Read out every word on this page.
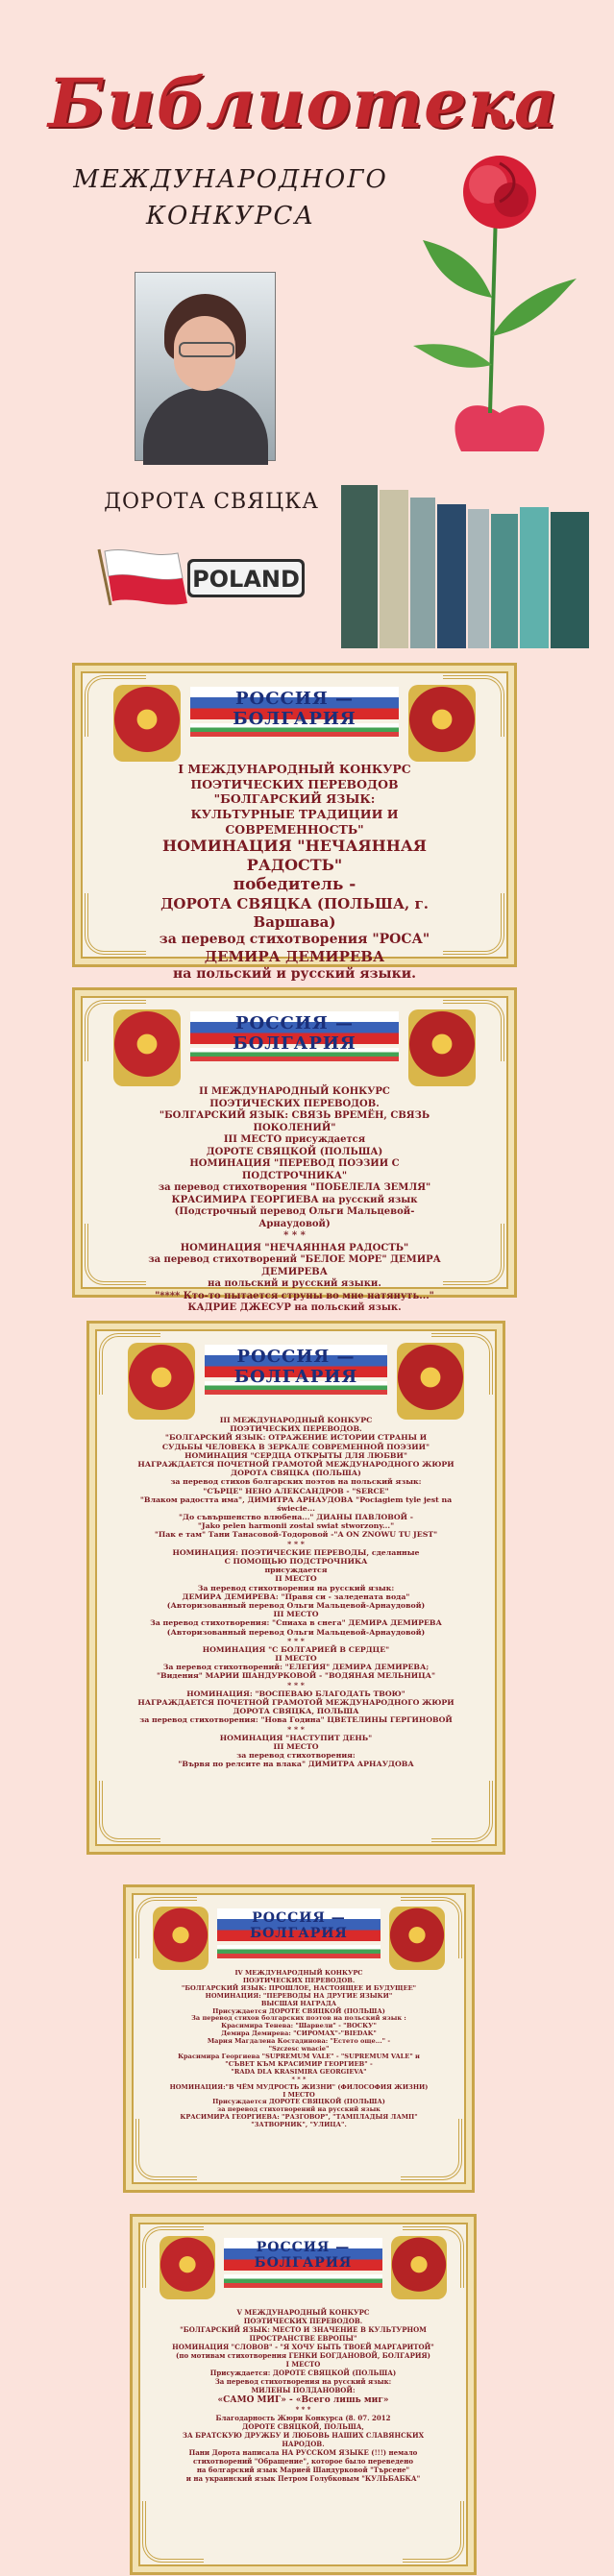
Библиотека
МЕЖДУНАРОДНОГО
КОНКУРСА
ДОРОТА СВЯЦКА
POLAND
РОССИЯ — БОЛГАРИЯ
I МЕЖДУНАРОДНЫЙ КОНКУРС ПОЭТИЧЕСКИХ ПЕРЕВОДОВ
"БОЛГАРСКИЙ ЯЗЫК:
КУЛЬТУРНЫЕ ТРАДИЦИИ И СОВРЕМЕННОСТЬ"
НОМИНАЦИЯ "НЕЧАЯННАЯ РАДОСТЬ"
победитель -
ДОРОТА СВЯЦКА (ПОЛЬША, г. Варшава)
за перевод стихотворения "РОСА"
ДЕМИРА ДЕМИРЕВА
на польский и русский языки.
РОССИЯ — БОЛГАРИЯ
II МЕЖДУНАРОДНЫЙ КОНКУРС
ПОЭТИЧЕСКИХ ПЕРЕВОДОВ.
"БОЛГАРСКИЙ ЯЗЫК: СВЯЗЬ ВРЕМЁН, СВЯЗЬ ПОКОЛЕНИЙ"
III МЕСТО присуждается
ДОРОТЕ СВЯЦКОЙ (ПОЛЬША)
НОМИНАЦИЯ "ПЕРЕВОД ПОЭЗИИ С ПОДСТРОЧНИКА"
за перевод стихотворения "ПОБЕЛЕЛА ЗЕМЛЯ"
КРАСИМИРА ГЕОРГИЕВА на русский язык
(Подстрочный перевод Ольги Мальцевой-Арнаудовой)
* * *
НОМИНАЦИЯ "НЕЧАЯННАЯ РАДОСТЬ"
за перевод стихотворений "БЕЛОЕ МОРЕ" ДЕМИРА ДЕМИРЕВА
на польский и русский языки.
"**** Кто-то пытается струны во мне натянуть..."
КАДРИЕ ДЖЕСУР на польский язык.
РОССИЯ — БОЛГАРИЯ
III МЕЖДУНАРОДНЫЙ КОНКУРС
ПОЭТИЧЕСКИХ ПЕРЕВОДОВ.
"БОЛГАРСКИЙ ЯЗЫК: ОТРАЖЕНИЕ ИСТОРИИ СТРАНЫ И
СУДЬБЫ ЧЕЛОВЕКА В ЗЕРКАЛЕ СОВРЕМЕННОЙ ПОЭЗИИ"
НОМИНАЦИЯ "СЕРДЦА ОТКРЫТЫ ДЛЯ ЛЮБВИ"
НАГРАЖДАЕТСЯ ПОЧЕТНОЙ ГРАМОТОЙ МЕЖДУНАРОДНОГО ЖЮРИ
ДОРОТА СВЯЦКА (ПОЛЬША)
за перевод стихов болгарских поэтов на польский язык:
"СЪРЦЕ" НЕНО АЛЕКСАНДРОВ - "SERCE"
"Влаком радостта има", ДИМИТРА АРНАУДОВА "Pociagiem tyle jest na świecie...
"До съвършенство влюбена..." ДИАНЫ ПАВЛОВОЙ -
"Jako pelen harmonii zostal swiat stworzony..."
"Пак е там" Тани Танасовой-Тодоровой -"A ON ZNOWU TU JEST"
* * *
НОМИНАЦИЯ: ПОЭТИЧЕСКИЕ ПЕРЕВОДЫ, сделанные
С ПОМОЩЬЮ ПОДСТРОЧНИКА
присуждается
II МЕСТО
За перевод стихотворения на русский язык:
ДЕМИРА ДЕМИРЕВА: "Правя си - заледената вода"
(Авторизованный перевод Ольги Мальцевой-Арнаудовой)
III МЕСТО
За перевод стихотворения: "Спиаха в снега" ДЕМИРА ДЕМИРЕВА
(Авторизованный перевод Ольги Мальцевой-Арнаудовой)
* * *
НОМИНАЦИЯ "С БОЛГАРИЕЙ В СЕРДЦЕ"
II МЕСТО
За перевод стихотворений: "ЕЛЕГИЯ" ДЕМИРА ДЕМИРЕВА;
"Видения" МАРИИ ШАНДУРКОВОЙ - "ВОДЯНАЯ МЕЛЬНИЦА"
* * *
НОМИНАЦИЯ: "ВОСПЕВАЮ БЛАГОДАТЬ ТВОЮ"
НАГРАЖДАЕТСЯ ПОЧЕТНОЙ ГРАМОТОЙ МЕЖДУНАРОДНОГО ЖЮРИ
ДОРОТА СВЯЦКА, ПОЛЬША
за перевод стихотворения: "Нова Година" ЦВЕТЕЛИНЫ ГЕРГИНОВОЙ
* * *
НОМИНАЦИЯ "НАСТУПИТ ДЕНЬ"
III МЕСТО
за перевод стихотворения:
"Вървя по релсите на влака" ДИМИТРА АРНАУДОВА
РОССИЯ — БОЛГАРИЯ
IV МЕЖДУНАРОДНЫЙ КОНКУРС
ПОЭТИЧЕСКИХ ПЕРЕВОДОВ.
"БОЛГАРСКИЙ ЯЗЫК: ПРОШЛОЕ, НАСТОЯЩЕЕ И БУДУЩЕЕ"
НОМИНАЦИЯ: "ПЕРЕВОДЫ НА ДРУГИЕ ЯЗЫКИ"
ВЫСШАЯ НАГРАДА
Присуждается ДОРОТЕ СВЯЦКОЙ (ПОЛЬША)
За перевод стихов болгарских поэтов на польский язык :
Красимира Тенева: "Шарвели" - "ВОСКУ"
Демира Демирева: "СИРОМАХ"-"BIEDAK"
Мария Магдалена Костадинова: "Естето още..." -
"Szczesc wnacie"
Красимира Георгиева "SUPREMUM VALE" - "SUPREMUM VALE" и
"СЪВЕТ КЪМ КРАСИМИР ГЕОРГИЕВ" -
"RADA DLA KRASIMIRA GEORGIEVA"
* * *
НОМИНАЦИЯ:"В ЧЁМ МУДРОСТЬ ЖИЗНИ" (ФИЛОСОФИЯ ЖИЗНИ)
I МЕСТО
Присуждается ДОРОТЕ СВЯЦКОЙ (ПОЛЬША)
за перевод стихотворений на русский язык
КРАСИМИРА ГЕОРГИЕВА: "РАЗГОВОР", "ТАМПЛАДЫЯ ЛАМП"
"ЗАТВОРНИК", "УЛИЦА".
РОССИЯ — БОЛГАРИЯ
V МЕЖДУНАРОДНЫЙ КОНКУРС
ПОЭТИЧЕСКИХ ПЕРЕВОДОВ.
"БОЛГАРСКИЙ ЯЗЫК: МЕСТО И ЗНАЧЕНИЕ В КУЛЬТУРНОМ
ПРОСТРАНСТВЕ ЕВРОПЫ"
НОМИНАЦИЯ "СЛОВОВ" - "Я ХОЧУ БЫТЬ ТВОЕЙ МАРГАРИТОЙ"
(по мотивам стихотворения ГЕНКИ БОГДАНОВОЙ, БОЛГАРИЯ)
I МЕСТО
Присуждается: ДОРОТЕ СВЯЦКОЙ (ПОЛЬША)
За перевод стихотворения на русский язык:
МИЛЕНЫ ПОЛДАНОВОЙ:
«САМО МИГ» - «Всего лишь миг»
* * *
Благодарность Жюри Конкурса (8. 07. 2012
ДОРОТЕ СВЯЦКОЙ, ПОЛЬША,
ЗА БРАТСКУЮ ДРУЖБУ И ЛЮБОВЬ НАШИХ СЛАВЯНСКИХ НАРОДОВ.
Пани Дорота написала НА РУССКОМ ЯЗЫКЕ (!!!) немало
стихотворений "Обращение", которое было переведено
на болгарский язык Марией Шандурковой "Търсене"
и на украинский язык Петром Голубковым "КУЛЬБАБКА"
